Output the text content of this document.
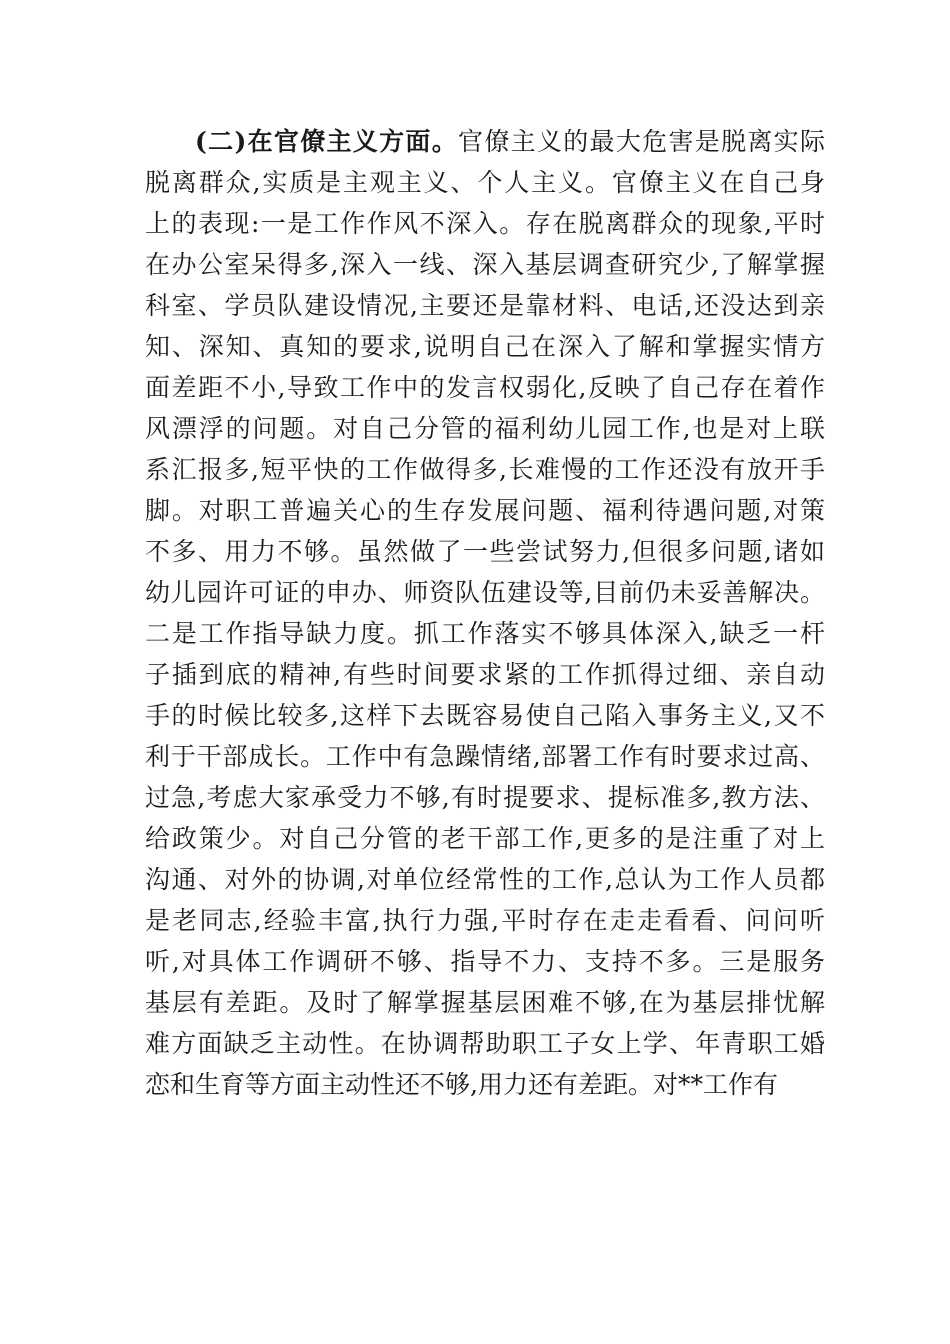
(二)在官僚主义方面。官僚主义的最大危害是脱离实际
脱离群众,实质是主观主义、个人主义。官僚主义在自己身
上的表现:一是工作作风不深入。存在脱离群众的现象,平时
在办公室呆得多,深入一线、深入基层调查研究少,了解掌握
科室、学员队建设情况,主要还是靠材料、电话,还没达到亲
知、深知、真知的要求,说明自己在深入了解和掌握实情方
面差距不小,导致工作中的发言权弱化,反映了自己存在着作
风漂浮的问题。对自己分管的福利幼儿园工作,也是对上联
系汇报多,短平快的工作做得多,长难慢的工作还没有放开手
脚。对职工普遍关心的生存发展问题、福利待遇问题,对策
不多、用力不够。虽然做了一些尝试努力,但很多问题,诸如
幼儿园许可证的申办、师资队伍建设等,目前仍未妥善解决。
二是工作指导缺力度。抓工作落实不够具体深入,缺乏一杆
子插到底的精神,有些时间要求紧的工作抓得过细、亲自动
手的时候比较多,这样下去既容易使自己陷入事务主义,又不
利于干部成长。工作中有急躁情绪,部署工作有时要求过高、
过急,考虑大家承受力不够,有时提要求、提标准多,教方法、
给政策少。对自己分管的老干部工作,更多的是注重了对上
沟通、对外的协调,对单位经常性的工作,总认为工作人员都
是老同志,经验丰富,执行力强,平时存在走走看看、问问听
听,对具体工作调研不够、指导不力、支持不多。三是服务
基层有差距。及时了解掌握基层困难不够,在为基层排忧解
难方面缺乏主动性。在协调帮助职工子女上学、年青职工婚
恋和生育等方面主动性还不够,用力还有差距。对**工作有
